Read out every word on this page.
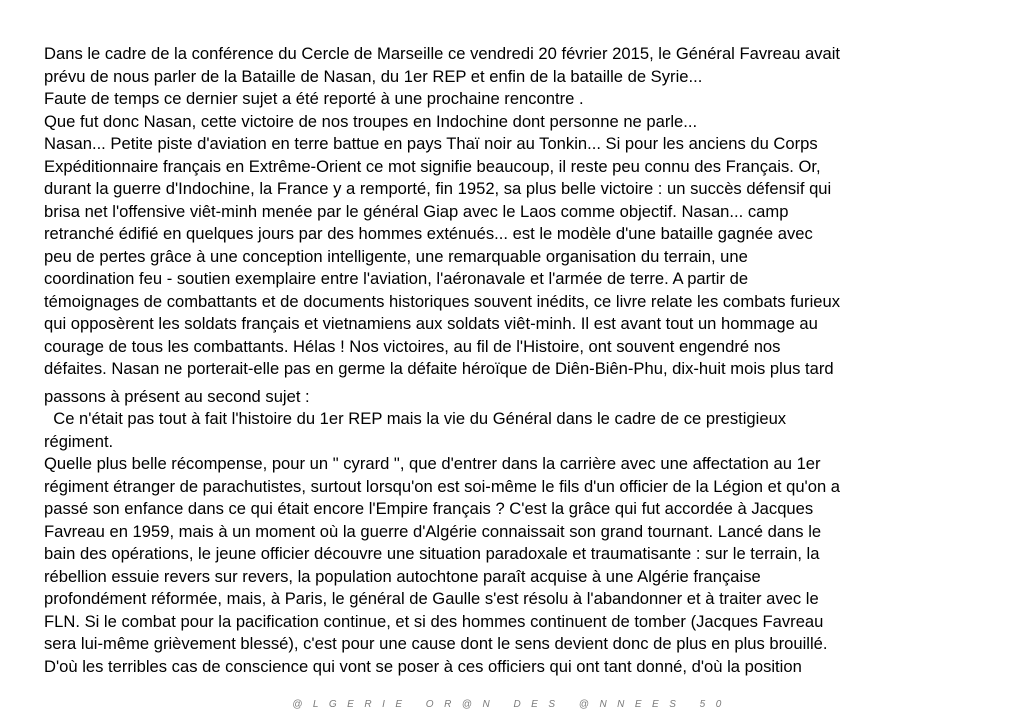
Dans le cadre de la conférence du Cercle de Marseille ce vendredi 20 février 2015, le Général Favreau avait
prévu de nous parler de la Bataille de Nasan, du 1er REP et enfin de la bataille de Syrie...
Faute de temps ce dernier sujet a été reporté à une prochaine rencontre .
Que fut donc Nasan, cette victoire de nos troupes en Indochine dont personne ne parle...
Nasan... Petite piste d'aviation en terre battue en pays Thaï noir au Tonkin... Si pour les anciens du Corps
Expéditionnaire français en Extrême-Orient ce mot signifie beaucoup, il reste peu connu des Français. Or,
durant la guerre d'Indochine, la France y a remporté, fin 1952, sa plus belle victoire : un succès défensif qui
brisa net l'offensive viêt-minh menée par le général Giap avec le Laos comme objectif. Nasan... camp
retranché édifié en quelques jours par des hommes exténués... est le modèle d'une bataille gagnée avec
peu de pertes grâce à une conception intelligente, une remarquable organisation du terrain, une
coordination feu - soutien exemplaire entre l'aviation, l'aéronavale et l'armée de terre. A partir de
témoignages de combattants et de documents historiques souvent inédits, ce livre relate les combats furieux
qui opposèrent les soldats français et vietnamiens aux soldats viêt-minh. Il est avant tout un hommage au
courage de tous les combattants. Hélas ! Nos victoires, au fil de l'Histoire, ont souvent engendré nos
défaites. Nasan ne porterait-elle pas en germe la défaite héroïque de Diên-Biên-Phu, dix-huit mois plus tard
passons à présent au second sujet :
Ce n'était pas tout à fait l'histoire du 1er REP mais la vie du Général dans le cadre de ce prestigieux
régiment.
Quelle plus belle récompense, pour un " cyrard ", que d'entrer dans la carrière avec une affectation au 1er
régiment étranger de parachutistes, surtout lorsqu'on est soi-même le fils d'un officier de la Légion et qu'on a
passé son enfance dans ce qui était encore l'Empire français ? C'est la grâce qui fut accordée à Jacques
Favreau en 1959, mais à un moment où la guerre d'Algérie connaissait son grand tournant. Lancé dans le
bain des opérations, le jeune officier découvre une situation paradoxale et traumatisante : sur le terrain, la
rébellion essuie revers sur revers, la population autochtone paraît acquise à une Algérie française
profondément réformée, mais, à Paris, le général de Gaulle s'est résolu à l'abandonner et à traiter avec le
FLN. Si le combat pour la pacification continue, et si des hommes continuent de tomber (Jacques Favreau
sera lui-même grièvement blessé), c'est pour une cause dont le sens devient donc de plus en plus brouillé.
D'où les terribles cas de conscience qui vont se poser à ces officiers qui ont tant donné, d'où la position
@LGERIE OR@N DES @NNEES 50
